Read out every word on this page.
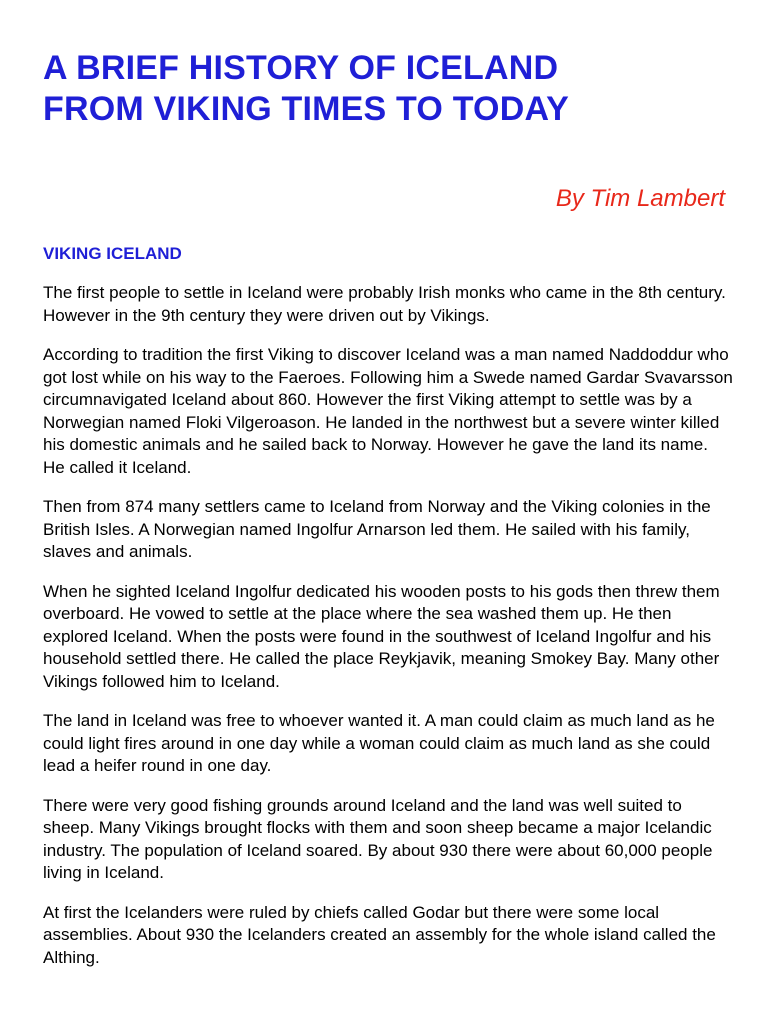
A BRIEF HISTORY OF ICELAND
FROM VIKING TIMES TO TODAY
By Tim Lambert
VIKING ICELAND

The first people to settle in Iceland were probably Irish monks who came in the 8th century. However in the 9th century they were driven out by Vikings.

According to tradition the first Viking to discover Iceland was a man named Naddoddur who got lost while on his way to the Faeroes. Following him a Swede named Gardar Svavarsson circumnavigated Iceland about 860. However the first Viking attempt to settle was by a Norwegian named Floki Vilgeroason. He landed in the northwest but a severe winter killed his domestic animals and he sailed back to Norway. However he gave the land its name. He called it Iceland.

Then from 874 many settlers came to Iceland from Norway and the Viking colonies in the British Isles. A Norwegian named Ingolfur Arnarson led them. He sailed with his family, slaves and animals.

When he sighted Iceland Ingolfur dedicated his wooden posts to his gods then threw them overboard. He vowed to settle at the place where the sea washed them up. He then explored Iceland. When the posts were found in the southwest of Iceland Ingolfur and his household settled there. He called the place Reykjavik, meaning Smokey Bay. Many other Vikings followed him to Iceland.

The land in Iceland was free to whoever wanted it. A man could claim as much land as he could light fires around in one day while a woman could claim as much land as she could lead a heifer round in one day.

There were very good fishing grounds around Iceland and the land was well suited to sheep. Many Vikings brought flocks with them and soon sheep became a major Icelandic industry. The population of Iceland soared. By about 930 there were about 60,000 people living in Iceland.

At first the Icelanders were ruled by chiefs called Godar but there were some local assemblies. About 930 the Icelanders created an assembly for the whole island called the Althing.
